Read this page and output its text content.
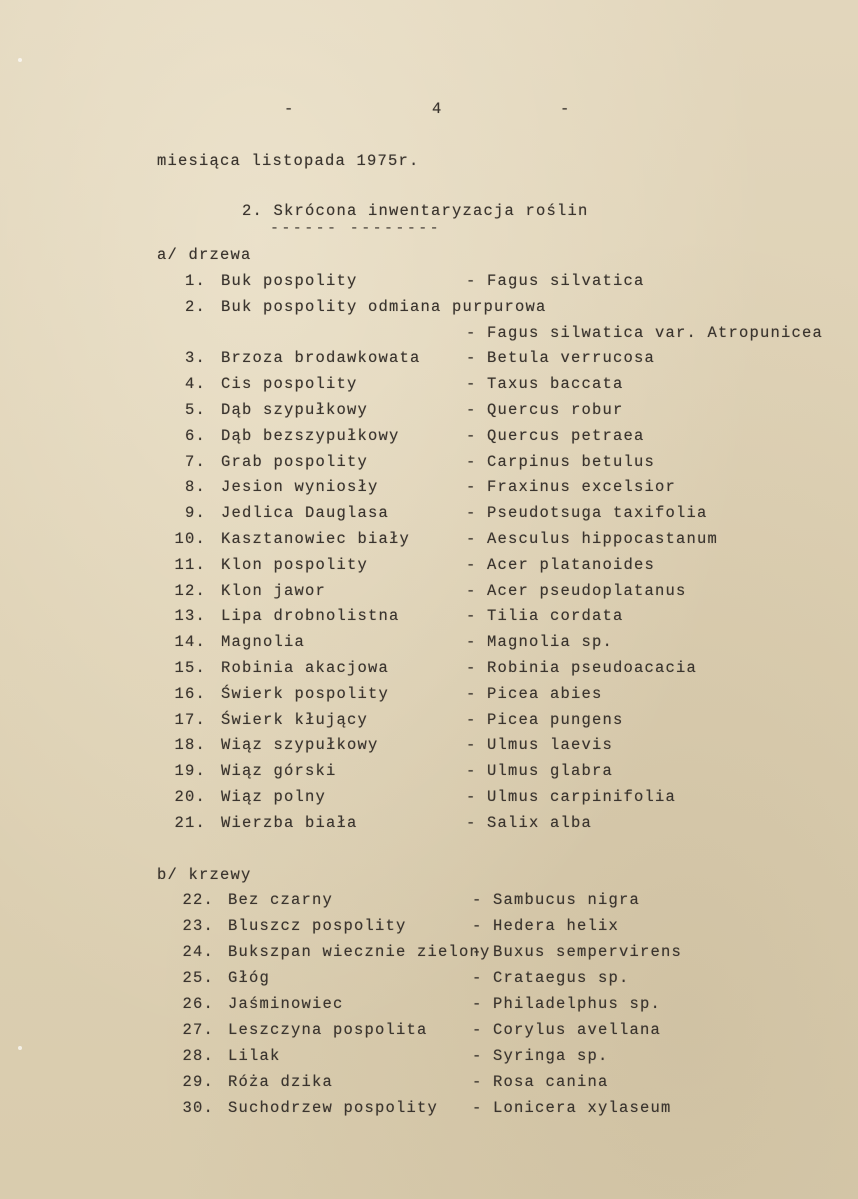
-	4	-
miesiąca listopada 1975r.
2. Skrócona inwentaryzacja roślin
------ --------
a/ drzewa
1. Buk pospolity	- Fagus silvatica
2. Buk pospolity odmiana purpurowa
- Fagus silwatica var. Atropunicea
3. Brzoza brodawkowata	- Betula verrucosa
4. Cis pospolity	- Taxus baccata
5. Dąb szypułkowy	- Quercus robur
6. Dąb bezszypułkowy	- Quercus petraea
7. Grab pospolity	- Carpinus betulus
8. Jesion wyniosły	- Fraxinus excelsior
9. Jedlica Dauglasa	- Pseudotsuga taxifolia
10. Kasztanowiec biały	- Aesculus hippocastanum
11. Klon pospolity	- Acer platanoides
12. Klon jawor	- Acer pseudoplatanus
13. Lipa drobnolistna	- Tilia cordata
14. Magnolia	- Magnolia sp.
15. Robinia akacjowa	- Robinia pseudoacacia
16. Świerk pospolity	- Picea abies
17. Świerk kłujący	- Picea pungens
18. Wiąz szypułkowy	- Ulmus laevis
19. Wiąz górski	- Ulmus glabra
20. Wiąz polny	- Ulmus carpinifolia
21. Wierzba biała	- Salix alba
b/ krzewy
22. Bez czarny	- Sambucus nigra
23. Bluszcz pospolity	- Hedera helix
24. Bukszpan wiecznie zielony
- Buxus sempervirens
25. Głóg	- Crataegus sp.
26. Jaśminowiec	- Philadelphus sp.
27. Leszczyna pospolita	- Corylus avellana
28. Lilak	- Syringa sp.
29. Róża dzika	- Rosa canina
30. Suchodrzew pospolity - Lonicera xylaseum
